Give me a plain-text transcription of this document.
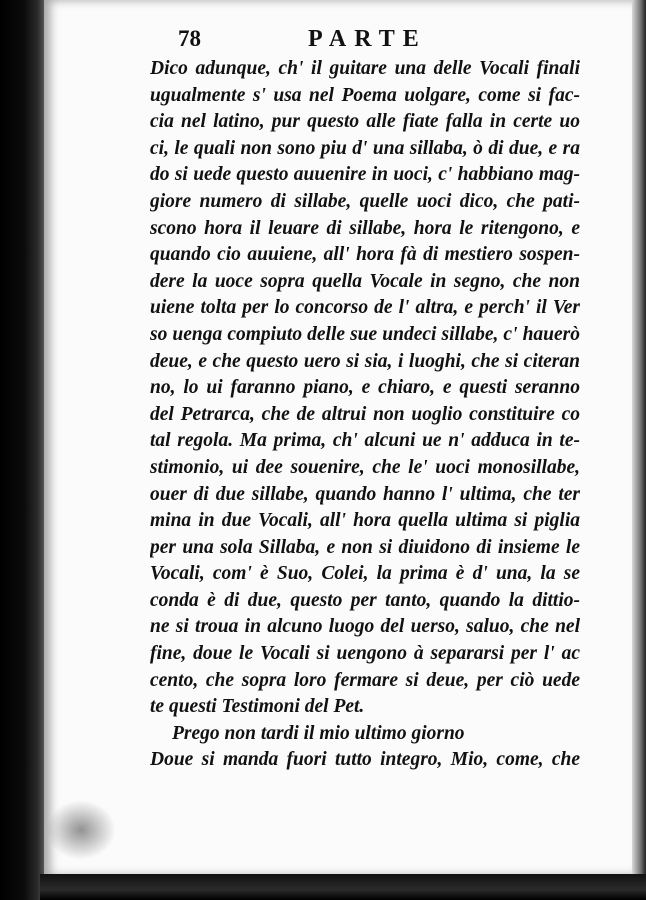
78	PARTE
Dico adunque, ch' il guitare una delle Vocali finali
ugualmente s' usa nel Poema uolgare, come si fac-
cia nel latino, pur questo alle fiate falla in certe uo
ci, le quali non sono piu d' una sillaba, ò di due, e ra
do si uede questo auuenire in uoci, c' habbiano mag-
giore numero di sillabe, quelle uoci dico, che pati-
scono hora il leuare di sillabe, hora le ritengono, e
quando cio auuiene, all' hora fà di mestiero sospen-
dere la uoce sopra quella Vocale in segno, che non
uiene tolta per lo concorso de l' altra, e perch' il Ver
so uenga compiuto delle sue undeci sillabe, c' hauerò
deue, e che questo uero si sia, i luoghi, che si citeran
no, lo ui faranno piano, e chiaro, e questi seranno
del Petrarca, che de altrui non uoglio constituire co
tal regola. Ma prima, ch' alcuni ue n' adduca in te-
stimonio, ui dee souenire, che le' uoci monosillabe,
ouer di due sillabe, quando hanno l' ultima, che ter
mina in due Vocali, all' hora quella ultima si piglia
per una sola Sillaba, e non si diuidono di insieme le
Vocali, com' è Suo, Colei, la prima è d' una, la se
conda è di due, questo per tanto, quando la dittio-
ne si troua in alcuno luogo del uerso, saluo, che nel
fine, doue le Vocali si uengono à separarsi per l' ac
cento, che sopra loro fermare si deue, per ciò uede
te questi Testimoni del Pet.
Prego non tardi il mio ultimo giorno
Doue si manda fuori tutto integro, Mio, come, che
